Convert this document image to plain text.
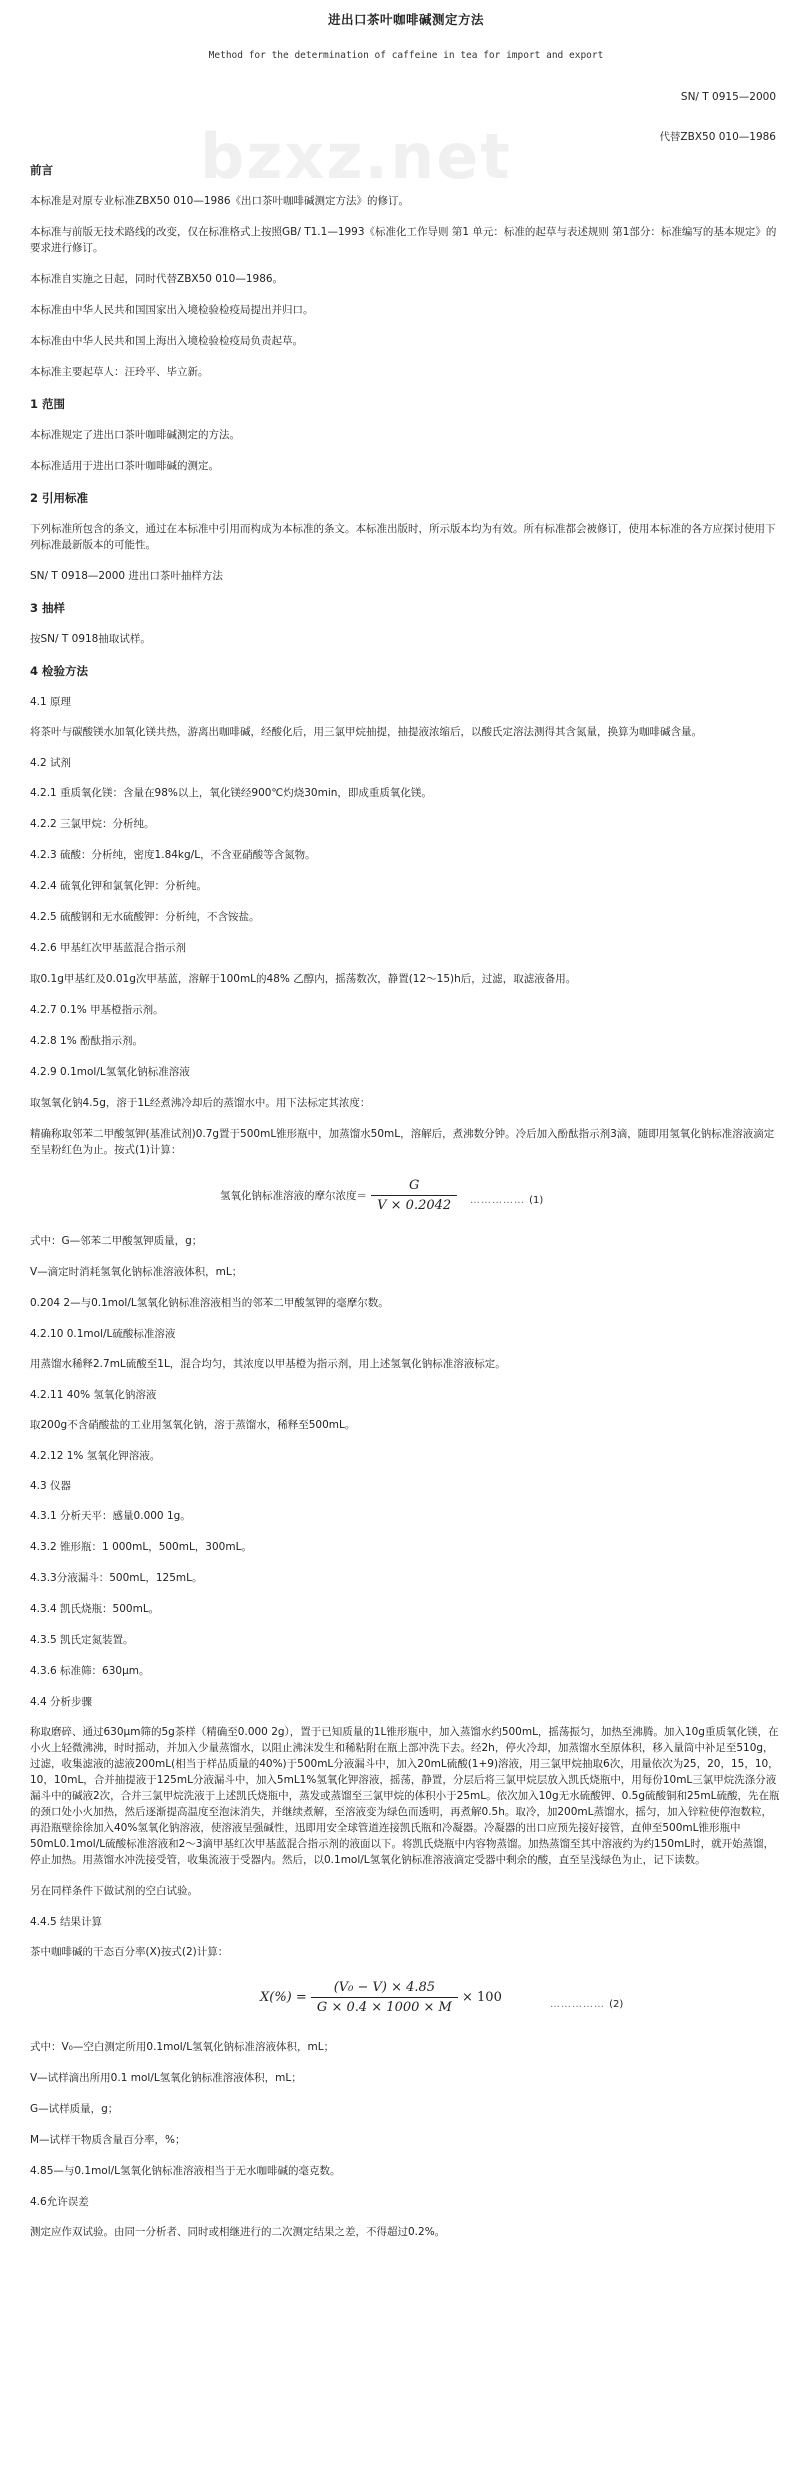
bzxz.net
进出口茶叶咖啡碱测定方法
Method for the determination of caffeine in tea for import and export
SN/ T 0915—2000
代替ZBX50 010—1986
前言

本标准是对原专业标准ZBX50 010—1986《出口茶叶咖啡碱测定方法》的修订。

本标准与前版无技术路线的改变，仅在标准格式上按照GB/ T1.1—1993《标准化工作导则 第1 单元：标准的起草与表述规则 第1部分：标准编写的基本规定》的要求进行修订。

本标准自实施之日起，同时代替ZBX50 010—1986。

本标准由中华人民共和国国家出入境检验检疫局提出并归口。

本标准由中华人民共和国上海出入境检验检疫局负责起草。

本标准主要起草人：汪玲平、毕立新。

1 范围

本标准规定了进出口茶叶咖啡碱测定的方法。

本标准适用于进出口茶叶咖啡碱的测定。

2 引用标准

下列标准所包含的条文，通过在本标准中引用而构成为本标准的条文。本标准出版时，所示版本均为有效。所有标准都会被修订，使用本标准的各方应探讨使用下列标准最新版本的可能性。

SN/ T 0918—2000 进出口茶叶抽样方法

3 抽样

按SN/ T 0918抽取试样。

4 检验方法
4.1 原理

将茶叶与碳酸镁水加氧化镁共热，游离出咖啡碱，经酸化后，用三氯甲烷抽提，抽提液浓缩后，以酸氏定溶法测得其含氮量，换算为咖啡碱含量。

4.2 试剂

4.2.1 重质氧化镁：含量在98%以上，氧化镁经900℃灼烧30min，即成重质氧化镁。

4.2.2 三氯甲烷：分析纯。

4.2.3 硫酸：分析纯，密度1.84kg/L，不含亚硝酸等含氮物。

4.2.4 硫氧化钾和氯氧化钾：分析纯。

4.2.5 硫酸钢和无水硫酸钾：分析纯，不含铵盐。

4.2.6 甲基红次甲基蓝混合指示剂

取0.1g甲基红及0.01g次甲基蓝，溶解于100mL的48% 乙醇内，摇荡数次，静置(12～15)h后，过滤，取滤液备用。

4.2.7 0.1% 甲基橙指示剂。

4.2.8 1% 酚酞指示剂。

4.2.9 0.1mol/L氢氧化钠标准溶液

取氢氧化钠4.5g，溶于1L经煮沸冷却后的蒸馏水中。用下法标定其浓度：

精确称取邻苯二甲酸氢钾(基准试剂)0.7g置于500mL锥形瓶中，加蒸馏水50mL，溶解后，煮沸数分钟。冷后加入酚酞指示剂3滴，随即用氢氧化钠标准溶液滴定至呈粉红色为止。按式(1)计算：

氢氧化钠标准溶液的摩尔浓度＝ $\frac{G}{V \times 0.2042}$ …………… (1)

式中：G—邻苯二甲酸氢钾质量，g；

V—滴定时消耗氢氧化钠标准溶液体积，mL；

0.204 2—与0.1mol/L氢氧化钠标准溶液相当的邻苯二甲酸氢钾的毫摩尔数。

4.2.10 0.1mol/L硫酸标准溶液

用蒸馏水稀释2.7mL硫酸至1L，混合均匀，其浓度以甲基橙为指示剂，用上述氢氧化钠标准溶液标定。

4.2.11 40% 氢氧化钠溶液

取200g不含硝酸盐的工业用氢氧化钠，溶于蒸馏水，稀释至500mL。

4.2.12 1% 氢氧化钾溶液。
4.3 仪器

4.3.1 分析天平：感量0.000 1g。

4.3.2 锥形瓶：1 000mL，500mL，300mL。

4.3.3分液漏斗：500mL，125mL。

4.3.4 凯氏烧瓶：500mL。

4.3.5 凯氏定氮装置。

4.3.6 标准筛：630μm。

4.4 分析步骤

称取磨碎、通过630μm筛的5g茶样（精确至0.000 2g），置于已知质量的1L锥形瓶中，加入蒸馏水约500mL，摇荡振匀，加热至沸腾。加入10g重质氧化镁，在小火上轻微沸沸，时时摇动，并加入少量蒸馏水，以阻止沸沫发生和稀粘附在瓶上部冲洗下去。经2h，停火冷却，加蒸馏水至原体积，移入量筒中补足至510g，过滤，收集滤液的滤液200mL(相当于样品质量的40%)于500mL分液漏斗中，加入20mL硫酸(1+9)溶液，用三氯甲烷抽取6次，用量依次为25，20，15，10，10，10mL，合并抽提液于125mL分液漏斗中，加入5mL1%氢氧化钾溶液，摇荡，静置，分层后将三氯甲烷层放入凯氏烧瓶中，用每份10mL三氯甲烷洗涤分液漏斗中的碱液2次，合并三氯甲烷洗液于上述凯氏烧瓶中，蒸发或蒸馏至三氯甲烷的体积小于25mL。依次加入10g无水硫酸钾、0.5g硫酸铜和25mL硫酸，先在瓶的颈口处小火加热，然后逐渐提高温度至泡沫消失，并继续煮解，至溶液变为绿色而透明，再煮解0.5h。取冷，加200mL蒸馏水，摇匀，加入锌粒使停泡数粒，再沿瓶壁徐徐加入40%氢氧化钠溶液，使溶液呈强碱性，迅即用安全球管道连接凯氏瓶和冷凝器。冷凝器的出口应预先接好接管，直伸至500mL锥形瓶中50mL0.1mol/L硫酸标准溶液和2～3滴甲基红次甲基蓝混合指示剂的液面以下。将凯氏烧瓶中内容物蒸馏。加热蒸馏至其中溶液约为约150mL时，就开始蒸馏，停止加热。用蒸馏水冲洗接受管，收集流液于受器内。然后，以0.1mol/L氢氧化钠标准溶液滴定受器中剩余的酸，直至呈浅绿色为止，记下读数。

另在同样条件下做试剂的空白试验。

4.4.5 结果计算

茶中咖啡碱的干态百分率(X)按式(2)计算：

$X(\%) = \frac{\text{(V₀ − V) × 4.85}}{G \times 0.4 \times 1000 \times M} \times 100$	…………… (2)

式中：V₀—空白测定所用0.1mol/L氢氧化钠标准溶液体积，mL；

V—试样滴出所用0.1 mol/L氢氧化钠标准溶液体积，mL；

G—试样质量，g；

M—试样干物质含量百分率，%；

4.85—与0.1mol/L氢氧化钠标准溶液相当于无水咖啡碱的毫克数。

4.6允许误差

测定应作双试验。由同一分析者、同时或相继进行的二次测定结果之差，不得超过0.2%。
